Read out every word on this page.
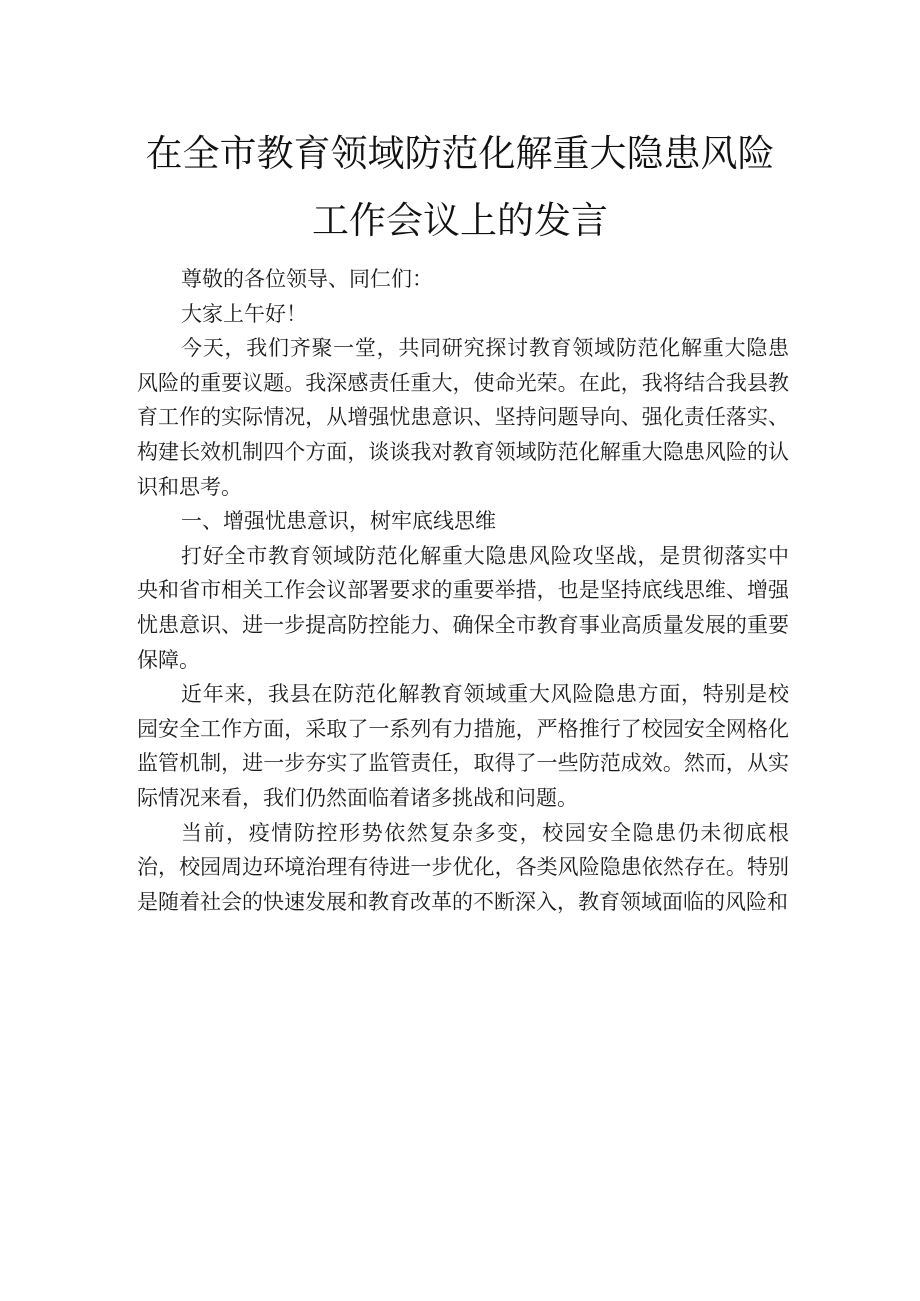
在全市教育领域防范化解重大隐患风险
工作会议上的发言

尊敬的各位领导、同仁们：

大家上午好！

今天，我们齐聚一堂，共同研究探讨教育领域防范化解重大隐患风险的重要议题。我深感责任重大，使命光荣。在此，我将结合我县教育工作的实际情况，从增强忧患意识、坚持问题导向、强化责任落实、构建长效机制四个方面，谈谈我对教育领域防范化解重大隐患风险的认识和思考。

一、增强忧患意识，树牢底线思维

打好全市教育领域防范化解重大隐患风险攻坚战，是贯彻落实中央和省市相关工作会议部署要求的重要举措，也是坚持底线思维、增强忧患意识、进一步提高防控能力、确保全市教育事业高质量发展的重要保障。

近年来，我县在防范化解教育领域重大风险隐患方面，特别是校园安全工作方面，采取了一系列有力措施，严格推行了校园安全网格化监管机制，进一步夯实了监管责任，取得了一些防范成效。然而，从实际情况来看，我们仍然面临着诸多挑战和问题。

当前，疫情防控形势依然复杂多变，校园安全隐患仍未彻底根治，校园周边环境治理有待进一步优化，各类风险隐患依然存在。特别是随着社会的快速发展和教育改革的不断深入，教育领域面临的风险和
